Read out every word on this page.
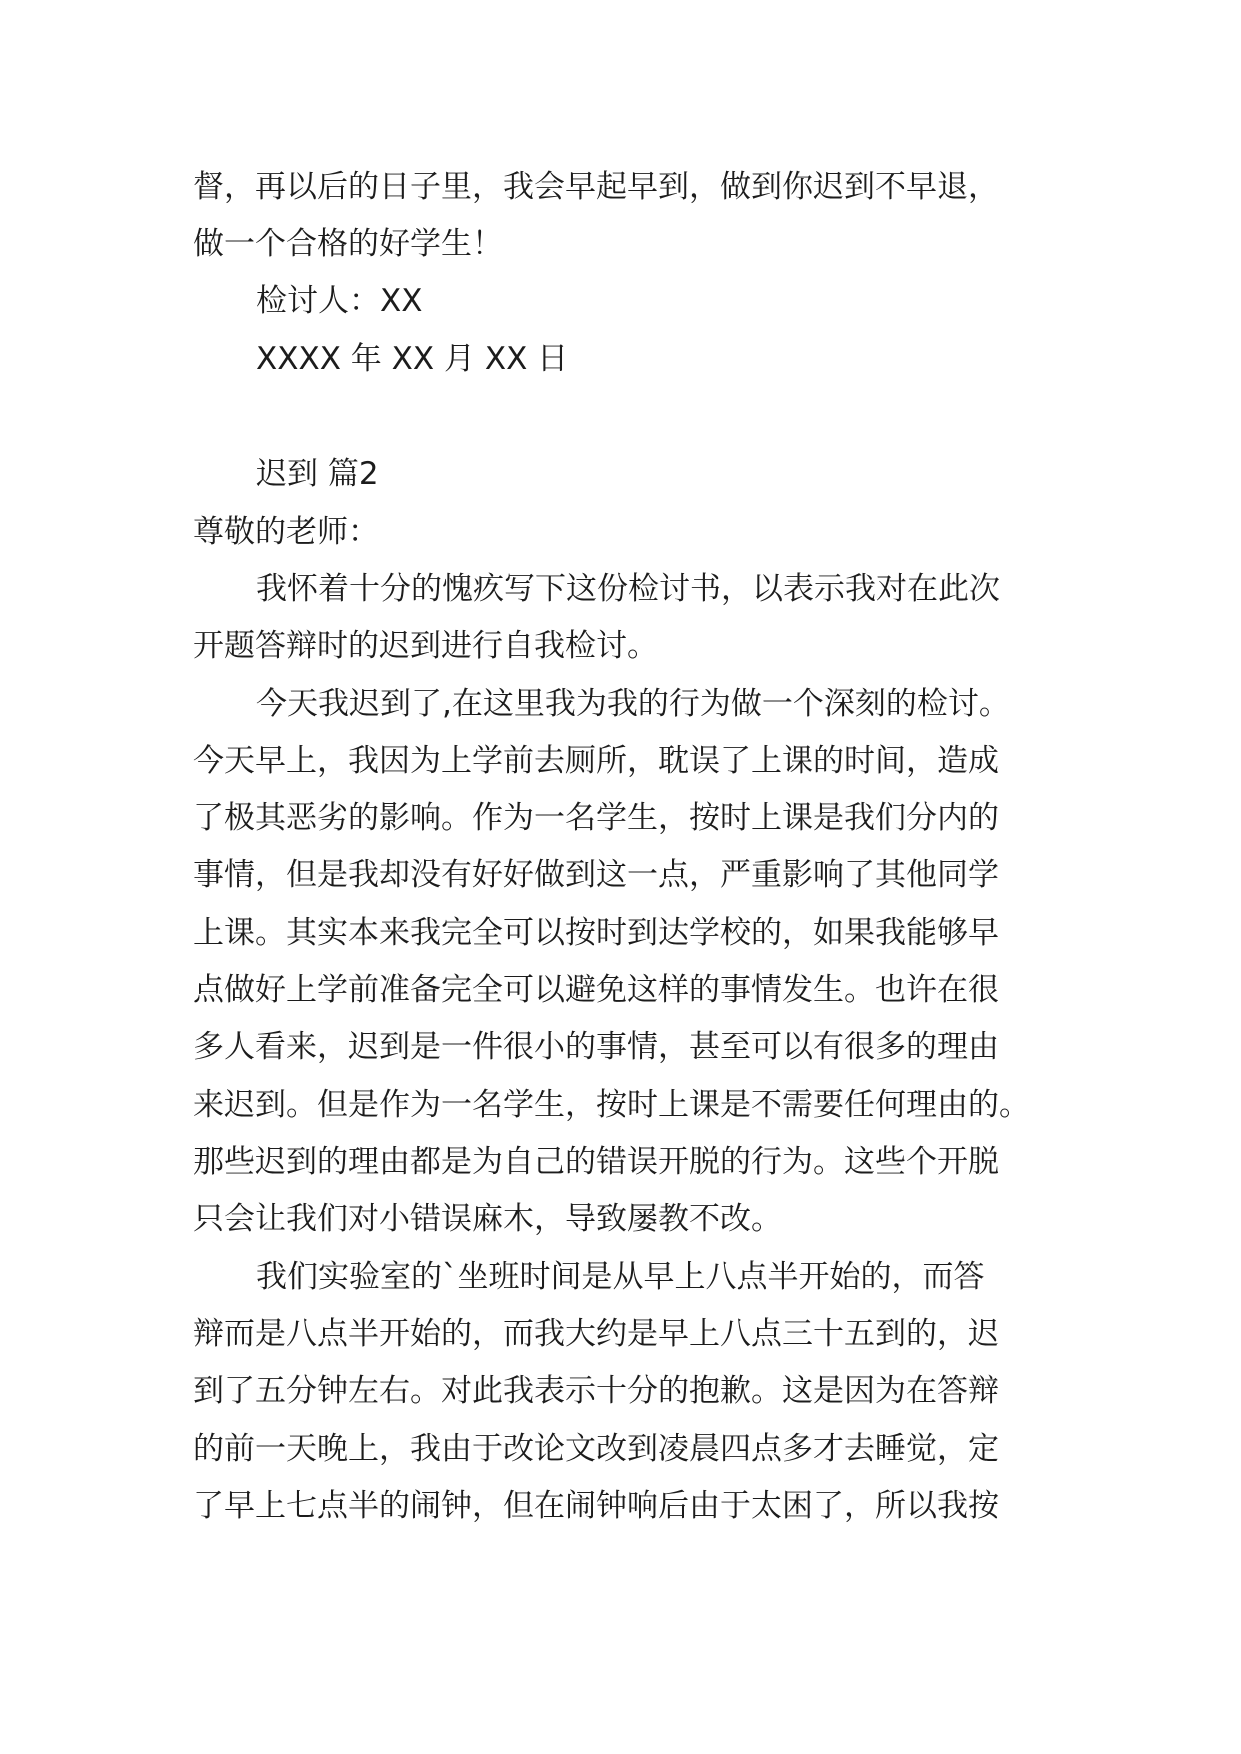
督，再以后的日子里，我会早起早到，做到你迟到不早退，
做一个合格的好学生！
检讨人：XX
XXXX 年 XX 月 XX 日
迟到 篇2
尊敬的老师：
我怀着十分的愧疚写下这份检讨书，以表示我对在此次
开题答辩时的迟到进行自我检讨。
今天我迟到了,在这里我为我的行为做一个深刻的检讨。
今天早上，我因为上学前去厕所，耽误了上课的时间，造成
了极其恶劣的影响。作为一名学生，按时上课是我们分内的
事情，但是我却没有好好做到这一点，严重影响了其他同学
上课。其实本来我完全可以按时到达学校的，如果我能够早
点做好上学前准备完全可以避免这样的事情发生。也许在很
多人看来，迟到是一件很小的事情，甚至可以有很多的理由
来迟到。但是作为一名学生，按时上课是不需要任何理由的。
那些迟到的理由都是为自己的错误开脱的行为。这些个开脱
只会让我们对小错误麻木，导致屡教不改。
我们实验室的`坐班时间是从早上八点半开始的，而答
辩而是八点半开始的，而我大约是早上八点三十五到的，迟
到了五分钟左右。对此我表示十分的抱歉。这是因为在答辩
的前一天晚上，我由于改论文改到凌晨四点多才去睡觉，定
了早上七点半的闹钟，但在闹钟响后由于太困了，所以我按
